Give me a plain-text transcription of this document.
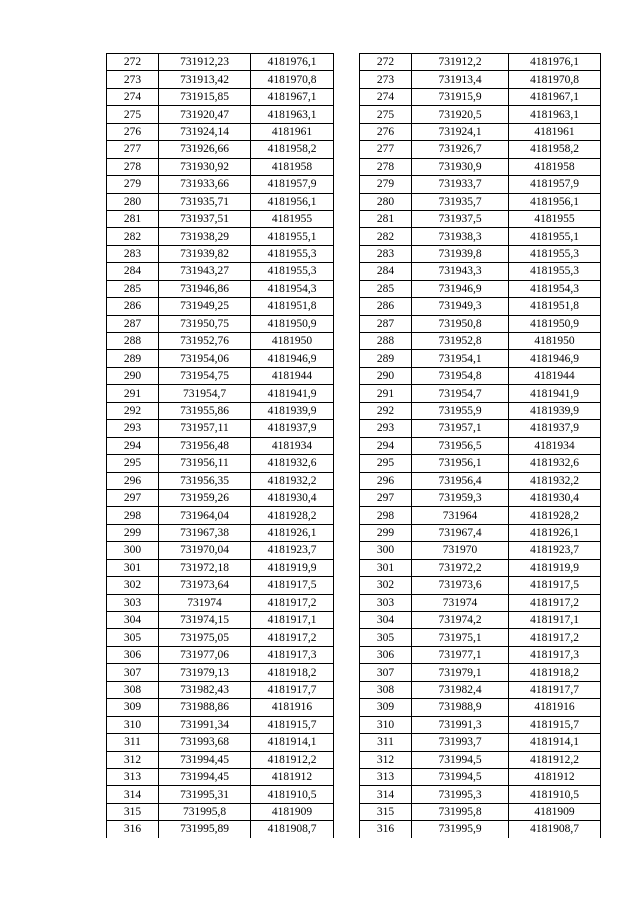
272	731912,23	4181976,1
273	731913,42	4181970,8
274	731915,85	4181967,1
275	731920,47	4181963,1
276	731924,14	4181961
277	731926,66	4181958,2
278	731930,92	4181958
279	731933,66	4181957,9
280	731935,71	4181956,1
281	731937,51	4181955
282	731938,29	4181955,1
283	731939,82	4181955,3
284	731943,27	4181955,3
285	731946,86	4181954,3
286	731949,25	4181951,8
287	731950,75	4181950,9
288	731952,76	4181950
289	731954,06	4181946,9
290	731954,75	4181944
291	731954,7	4181941,9
292	731955,86	4181939,9
293	731957,11	4181937,9
294	731956,48	4181934
295	731956,11	4181932,6
296	731956,35	4181932,2
297	731959,26	4181930,4
298	731964,04	4181928,2
299	731967,38	4181926,1
300	731970,04	4181923,7
301	731972,18	4181919,9
302	731973,64	4181917,5
303	731974	4181917,2
304	731974,15	4181917,1
305	731975,05	4181917,2
306	731977,06	4181917,3
307	731979,13	4181918,2
308	731982,43	4181917,7
309	731988,86	4181916
310	731991,34	4181915,7
311	731993,68	4181914,1
312	731994,45	4181912,2
313	731994,45	4181912
314	731995,31	4181910,5
315	731995,8	4181909
316	731995,89	4181908,7
272	731912,2	4181976,1
273	731913,4	4181970,8
274	731915,9	4181967,1
275	731920,5	4181963,1
276	731924,1	4181961
277	731926,7	4181958,2
278	731930,9	4181958
279	731933,7	4181957,9
280	731935,7	4181956,1
281	731937,5	4181955
282	731938,3	4181955,1
283	731939,8	4181955,3
284	731943,3	4181955,3
285	731946,9	4181954,3
286	731949,3	4181951,8
287	731950,8	4181950,9
288	731952,8	4181950
289	731954,1	4181946,9
290	731954,8	4181944
291	731954,7	4181941,9
292	731955,9	4181939,9
293	731957,1	4181937,9
294	731956,5	4181934
295	731956,1	4181932,6
296	731956,4	4181932,2
297	731959,3	4181930,4
298	731964	4181928,2
299	731967,4	4181926,1
300	731970	4181923,7
301	731972,2	4181919,9
302	731973,6	4181917,5
303	731974	4181917,2
304	731974,2	4181917,1
305	731975,1	4181917,2
306	731977,1	4181917,3
307	731979,1	4181918,2
308	731982,4	4181917,7
309	731988,9	4181916
310	731991,3	4181915,7
311	731993,7	4181914,1
312	731994,5	4181912,2
313	731994,5	4181912
314	731995,3	4181910,5
315	731995,8	4181909
316	731995,9	4181908,7
